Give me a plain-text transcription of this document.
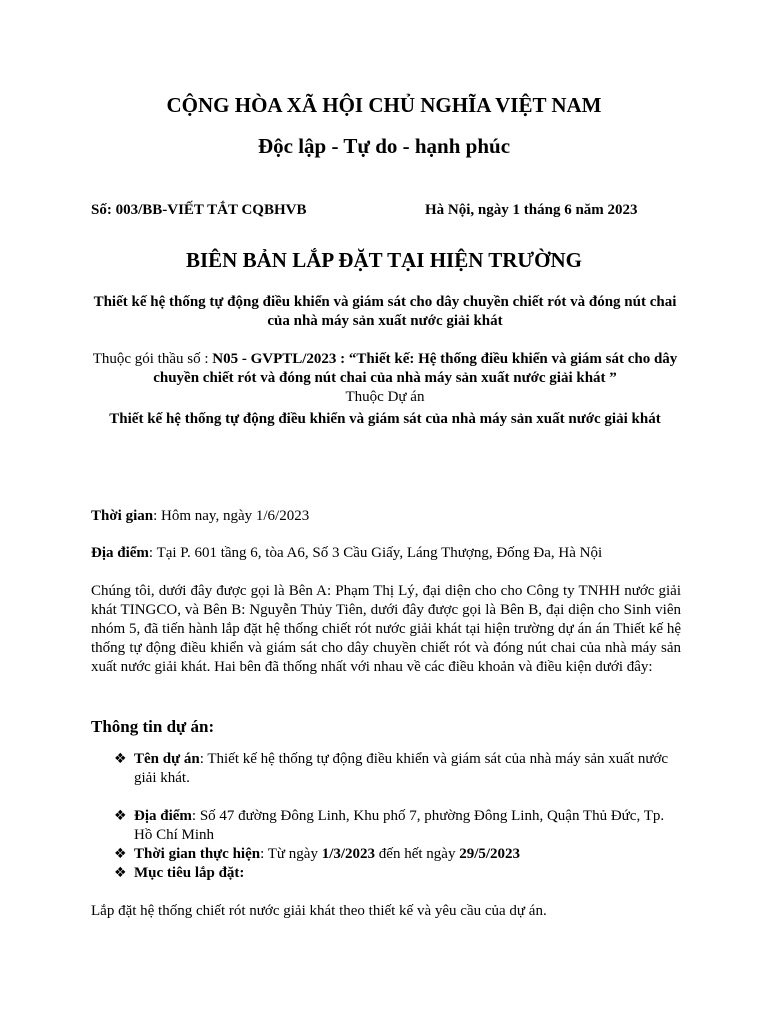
CỘNG HÒA XÃ HỘI CHỦ NGHĨA VIỆT NAM
Độc lập - Tự do - hạnh phúc
Số: 003/BB-VIẾT TẮT CQBHVB	Hà Nội, ngày 1 tháng 6 năm 2023
BIÊN BẢN LẮP ĐẶT TẠI HIỆN TRƯỜNG
Thiết kế hệ thống tự động điều khiển và giám sát cho dây chuyền chiết rót và đóng nút chai của nhà máy sản xuất nước giải khát
Thuộc gói thầu số : N05 - GVPTL/2023 : “Thiết kế: Hệ thống điều khiển và giám sát cho dây chuyền chiết rót và đóng nút chai của nhà máy sản xuất nước giải khát ”
Thuộc Dự án
Thiết kế hệ thống tự động điều khiển và giám sát của nhà máy sản xuất nước giải khát
Thời gian: Hôm nay, ngày 1/6/2023
Địa điểm: Tại P. 601 tầng 6, tòa A6, Số 3 Cầu Giấy, Láng Thượng, Đống Đa, Hà Nội
Chúng tôi, dưới đây được gọi là Bên A: Phạm Thị Lý, đại diện cho cho Công ty TNHH nước giải khát TINGCO, và Bên B: Nguyễn Thủy Tiên, dưới đây được gọi là Bên B, đại diện cho Sinh viên nhóm 5, đã tiến hành lắp đặt hệ thống chiết rót nước giải khát tại hiện trường dự án án Thiết kế hệ thống tự động điều khiển và giám sát cho dây chuyền chiết rót và đóng nút chai của nhà máy sản xuất nước giải khát. Hai bên đã thống nhất với nhau về các điều khoản và điều kiện dưới đây:
Thông tin dự án:
❖ Tên dự án: Thiết kế hệ thống tự động điều khiển và giám sát của nhà máy sản xuất nước giải khát.
❖ Địa điểm: Số 47 đường Đông Linh, Khu phố 7, phường Đông Linh, Quận Thủ Đức, Tp. Hồ Chí Minh
❖ Thời gian thực hiện: Từ ngày 1/3/2023 đến hết ngày 29/5/2023
❖ Mục tiêu lắp đặt:
Lắp đặt hệ thống chiết rót nước giải khát theo thiết kế và yêu cầu của dự án.
